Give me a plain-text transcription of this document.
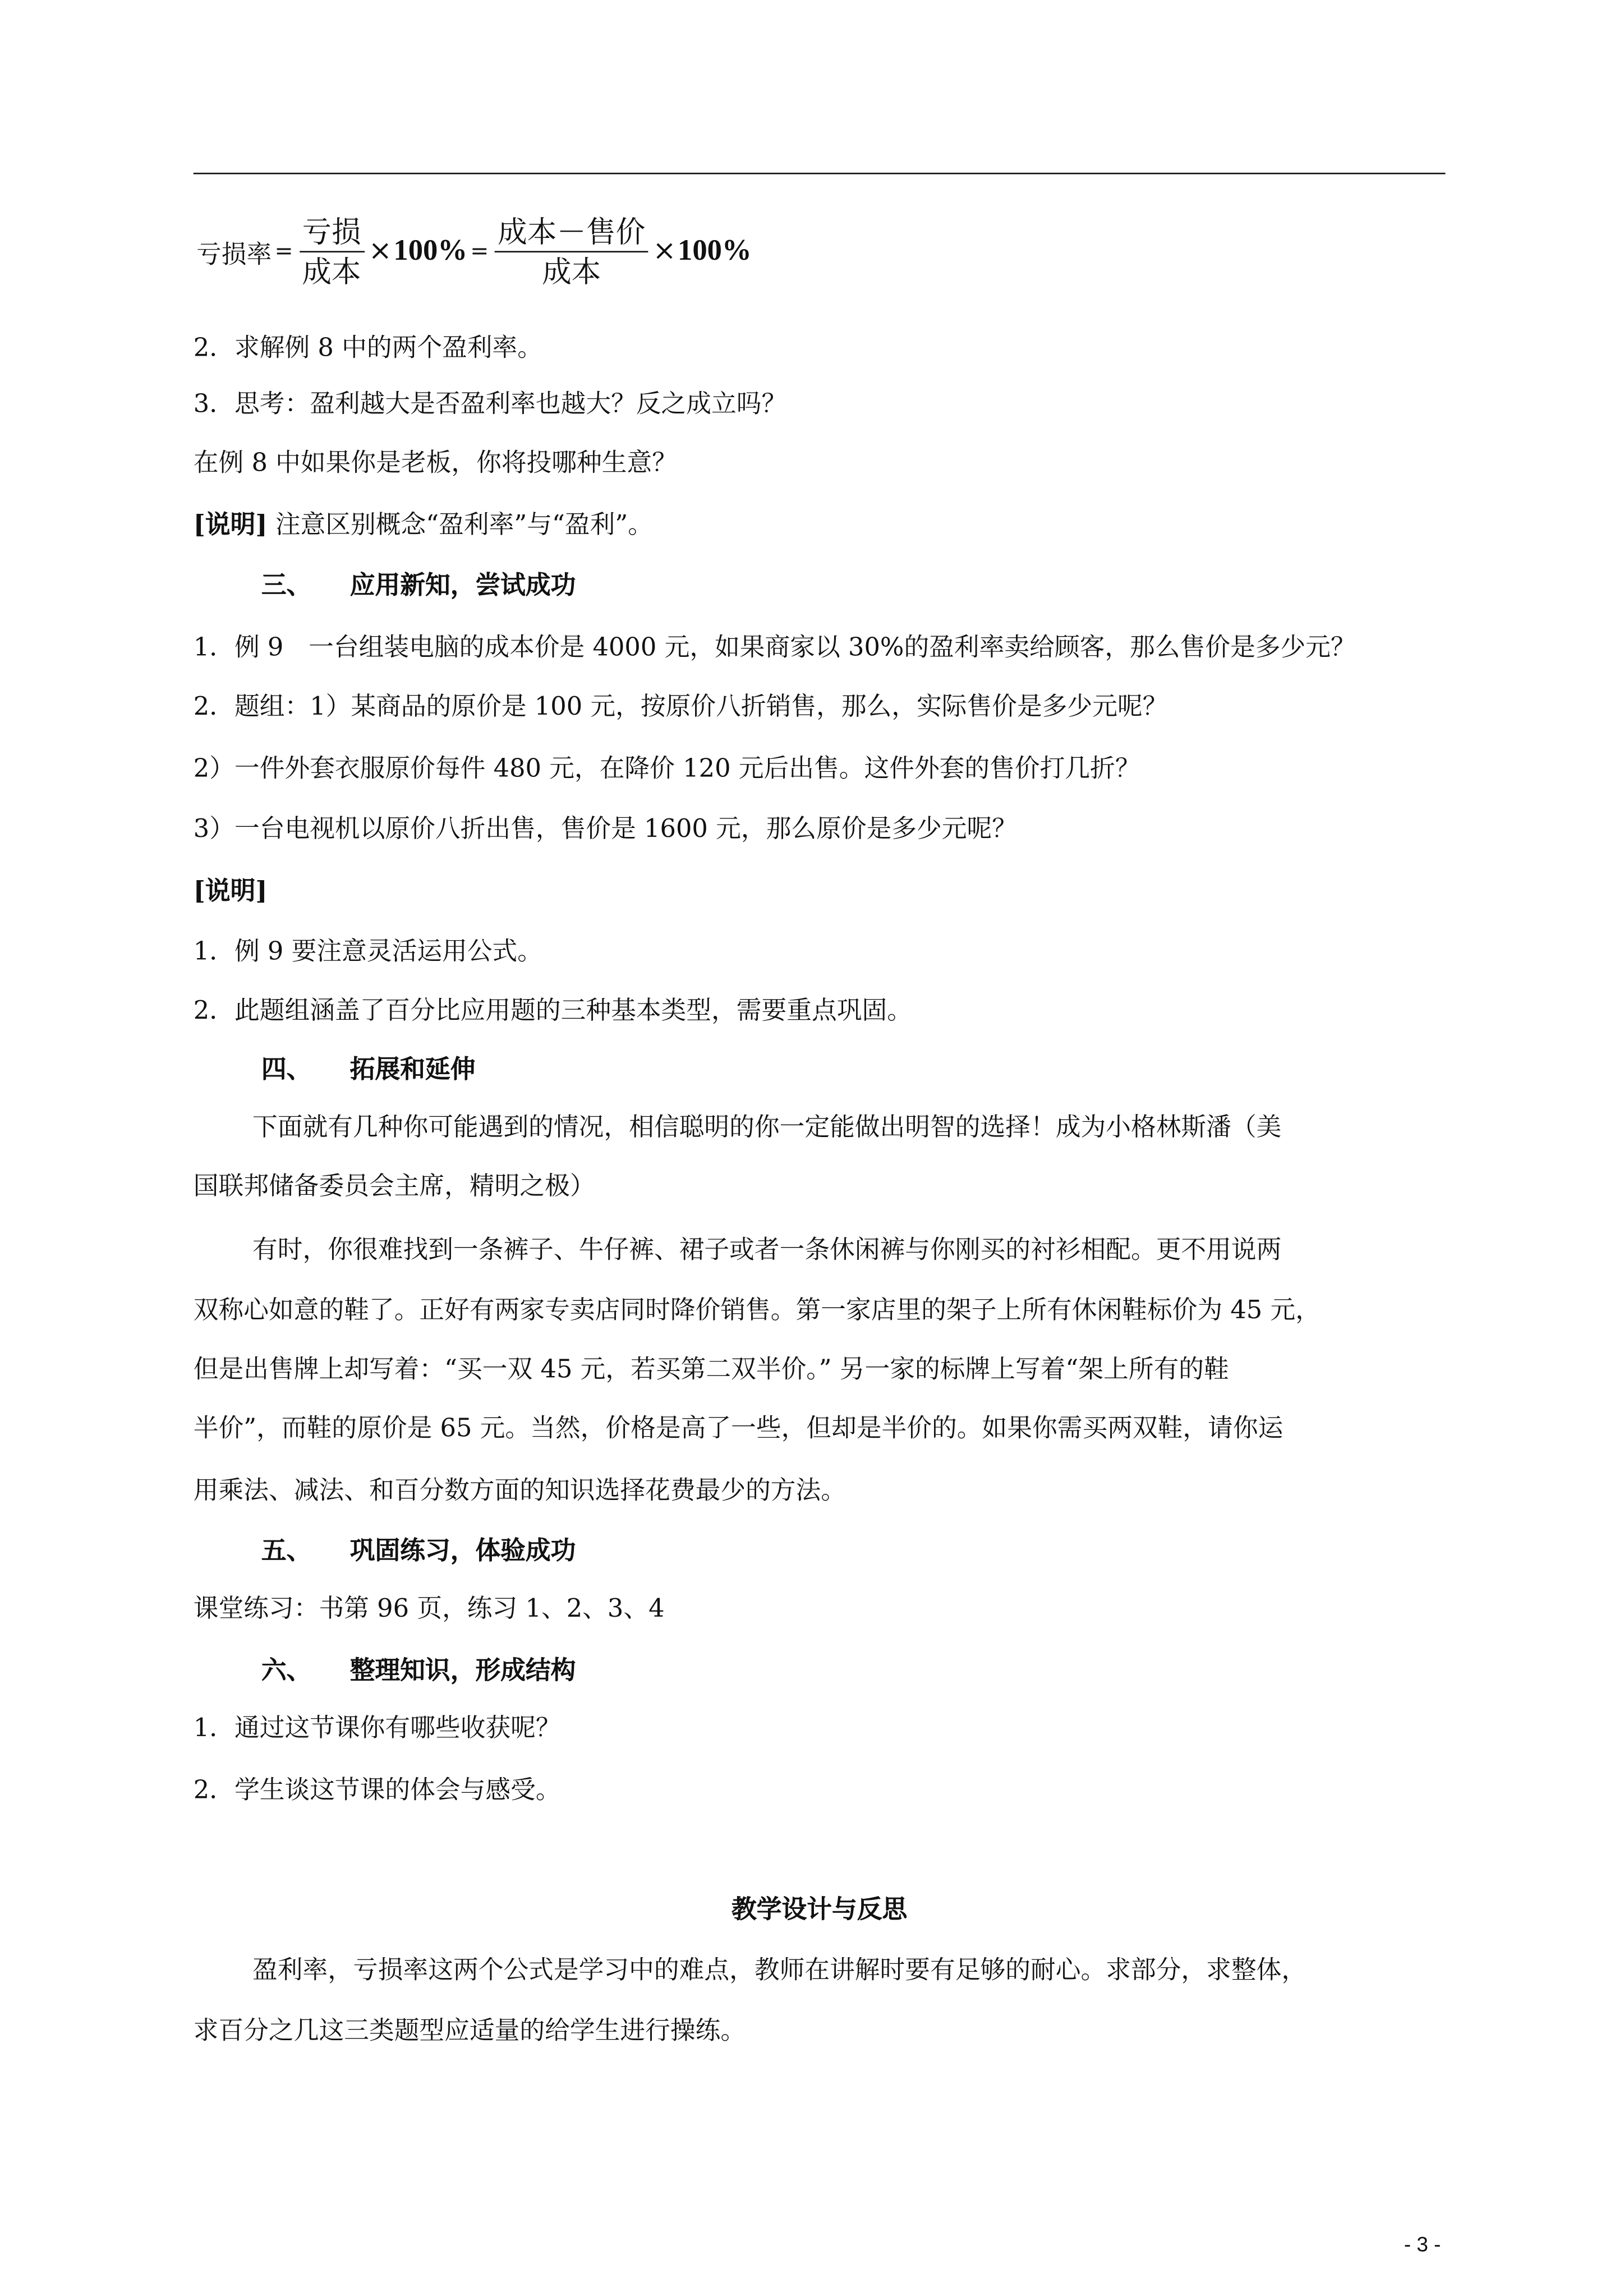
亏损率 = $\frac{\text{亏损}}{\text{成本}} \times 100\% = \frac{\text{成本－售价}}{\text{成本}} \times 100\%$
2．求解例 8 中的两个盈利率。
3．思考：盈利越大是否盈利率也越大？反之成立吗？
在例 8 中如果你是老板，你将投哪种生意？
[说明] 注意区别概念“盈利率”与“盈利”。
三、	应用新知，尝试成功
1．例 9　一台组装电脑的成本价是 4000 元，如果商家以 30%的盈利率卖给顾客，那么售价是多少元？
2．题组：1）某商品的原价是 100 元，按原价八折销售，那么，实际售价是多少元呢？
2）一件外套衣服原价每件 480 元，在降价 120 元后出售。这件外套的售价打几折？
3）一台电视机以原价八折出售，售价是 1600 元，那么原价是多少元呢？
[说明]
1．例 9 要注意灵活运用公式。
2．此题组涵盖了百分比应用题的三种基本类型，需要重点巩固。
四、	拓展和延伸
下面就有几种你可能遇到的情况，相信聪明的你一定能做出明智的选择！成为小格林斯潘（美
国联邦储备委员会主席，精明之极）
有时，你很难找到一条裤子、牛仔裤、裙子或者一条休闲裤与你刚买的衬衫相配。更不用说两
双称心如意的鞋了。正好有两家专卖店同时降价销售。第一家店里的架子上所有休闲鞋标价为 45 元，
但是出售牌上却写着：“买一双 45 元，若买第二双半价。” 另一家的标牌上写着“架上所有的鞋
半价”，而鞋的原价是 65 元。当然，价格是高了一些，但却是半价的。如果你需买两双鞋，请你运
用乘法、减法、和百分数方面的知识选择花费最少的方法。
五、	巩固练习，体验成功
课堂练习：书第 96 页，练习 1、2、3、4
六、	整理知识，形成结构
1．通过这节课你有哪些收获呢？
2．学生谈这节课的体会与感受。
教学设计与反思
盈利率，亏损率这两个公式是学习中的难点，教师在讲解时要有足够的耐心。求部分，求整体，
求百分之几这三类题型应适量的给学生进行操练。
- 3 -
